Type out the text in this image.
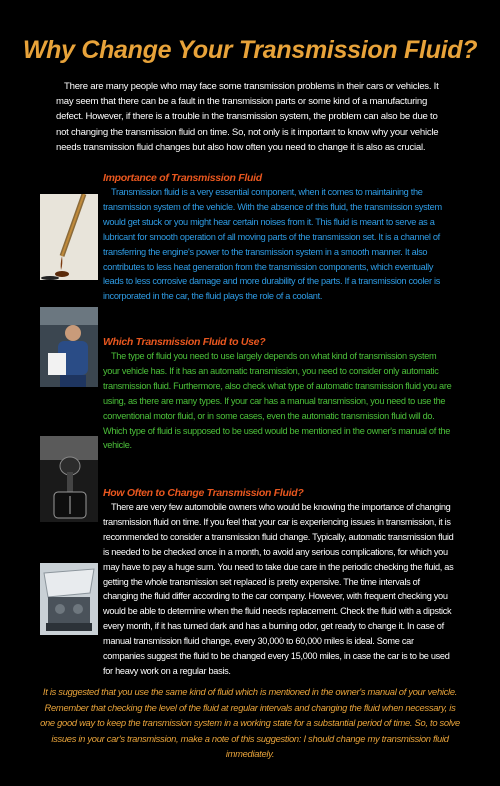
Why Change Your Transmission Fluid?

There are many people who may face some transmission problems in their cars or vehicles. It may seem that there can be a fault in the transmission parts or some kind of a manufacturing defect. However, if there is a trouble in the transmission system, the problem can also be due to not changing the transmission fluid on time. So, not only is it important to know why your vehicle needs transmission fluid changes but also how often you need to change it is also as crucial.

Importance of Transmission Fluid

Transmission fluid is a very essential component, when it comes to maintaining the transmission system of the vehicle. With the absence of this fluid, the transmission system would get stuck or you might hear certain noises from it. This fluid is meant to serve as a lubricant for smooth operation of all moving parts of the transmission set. It is a channel of transferring the engine's power to the transmission system in a smooth manner. It also contributes to less heat generation from the transmission components, which eventually leads to less corrosive damage and more durability of the parts. If a transmission cooler is incorporated in the car, the fluid plays the role of a coolant.

Which Transmission Fluid to Use?

The type of fluid you need to use largely depends on what kind of transmission system your vehicle has. If it has an automatic transmission, you need to consider only automatic transmission fluid. Furthermore, also check what type of automatic transmission fluid you are using, as there are many types. If your car has a manual transmission, you need to use the conventional motor fluid, or in some cases, even the automatic transmission fluid will do. Which type of fluid is supposed to be used would be mentioned in the owner's manual of the vehicle.

How Often to Change Transmission Fluid?

There are very few automobile owners who would be knowing the importance of changing transmission fluid on time. If you feel that your car is experiencing issues in transmission, it is recommended to consider a transmission fluid change. Typically, automatic transmission fluid is needed to be checked once in a month, to avoid any serious complications, for which you may have to pay a huge sum. You need to take due care in the periodic checking the fluid, as getting the whole transmission set replaced is pretty expensive. The time intervals of changing the fluid differ according to the car company. However, with frequent checking you would be able to determine when the fluid needs replacement. Check the fluid with a dipstick every month, if it has turned dark and has a burning odor, get ready to change it. In case of manual transmission fluid change, every 30,000 to 60,000 miles is ideal. Some car companies suggest the fluid to be changed every 15,000 miles, in case the car is to be used for heavy work on a regular basis.

It is suggested that you use the same kind of fluid which is mentioned in the owner's manual of your vehicle. Remember that checking the level of the fluid at regular intervals and changing the fluid when necessary, is one good way to keep the transmission system in a working state for a substantial period of time. So, to solve issues in your car's transmission, make a note of this suggestion: I should change my transmission fluid immediately.
